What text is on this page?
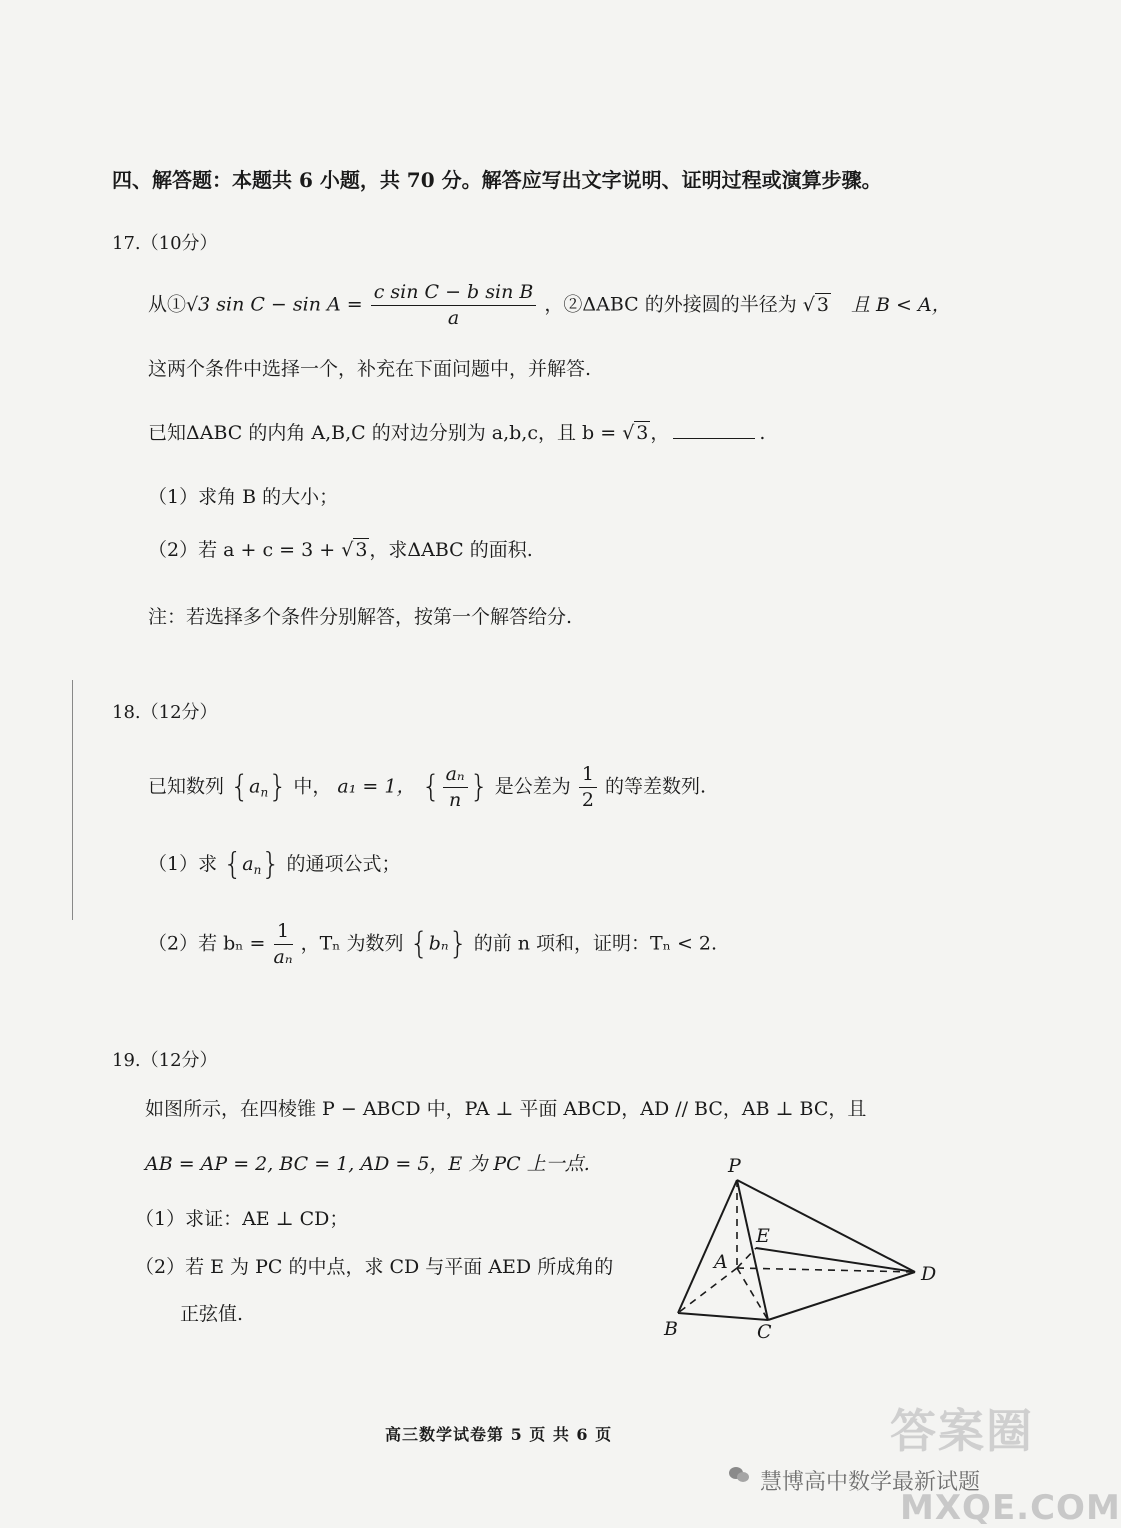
四、解答题：本题共 6 小题，共 70 分。解答应写出文字说明、证明过程或演算步骤。
17.（10分）
从①√3 $\sin C - \sin A = \frac{\text{c sin C − b sin B}}{a}$ ，②ΔABC 的外接圆的半径为 √ 3 且 B < A，
这两个条件中选择一个，补充在下面问题中，并解答.
已知ΔABC 的内角 A,B,C 的对边分别为 a,b,c，且 b = √ 3 ，	.
（1）求角 B 的大小；
（2）若 a + c = 3 + √ 3 ，求ΔABC 的面积.
注：若选择多个条件分别解答，按第一个解答给分.
18.（12分）
已知数列 $\{a_n\}$ 中， a₁ = 1， { $\frac{\text{aₙ}}{n}$ } 是公差为 $\frac{1}{2}$ 的等差数列.
（1）求 $\{a_n\}$ 的通项公式；
（2）若 $b_n = \frac{1}{\text{aₙ}}$ ，Tₙ 为数列 {bₙ} 的前 n 项和，证明：Tₙ < 2.
19.（12分）
如图所示，在四棱锥 P − ABCD 中，PA ⊥ 平面 ABCD，AD // BC，AB ⊥ BC，且
AB = AP = 2, BC = 1, AD = 5，E 为 PC 上一点.
（1）求证：AE ⊥ CD；
（2）若 E 为 PC 的中点，求 CD 与平面 AED 所成角的
正弦值.
P
E
A
D
B	C
高三数学试卷第 5 页 共 6 页	答案圈
慧博高中数学最新试题
MXQE.COM
